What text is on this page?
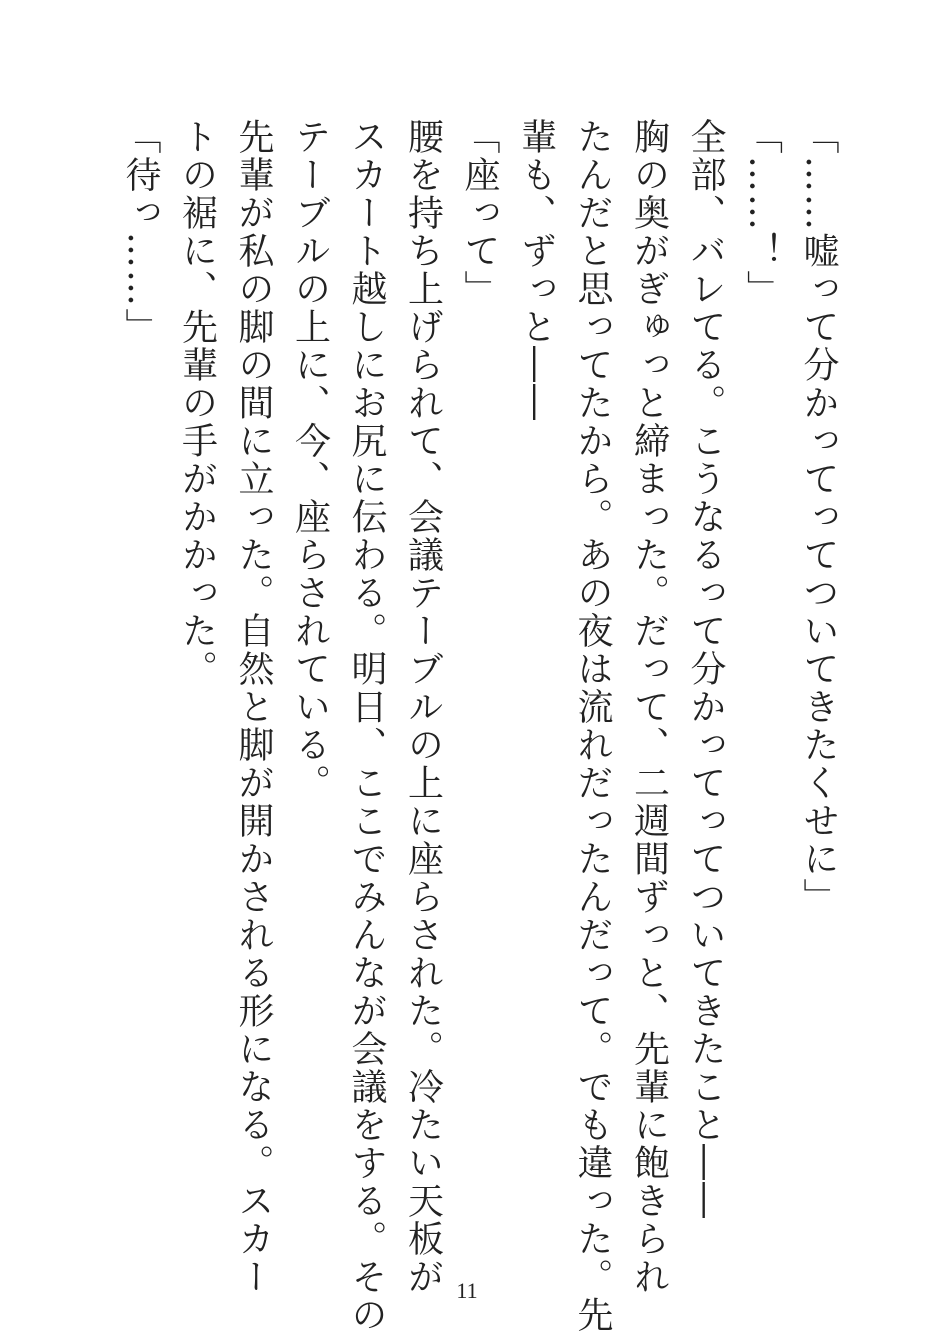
「……嘘って分かってってついてきたくせに」
「……！」
全部、バレてる。こうなるって分かってってついてきたこと――
胸の奥がぎゅっと締まった。だって、二週間ずっと、先輩に飽きられ
たんだと思ってたから。あの夜は流れだったんだって。でも違った。先
輩も、ずっと――
「座って」
腰を持ち上げられて、会議テーブルの上に座らされた。冷たい天板が
スカート越しにお尻に伝わる。明日、ここでみんなが会議をする。その
テーブルの上に、今、座らされている。
先輩が私の脚の間に立った。自然と脚が開かされる形になる。スカー
トの裾に、先輩の手がかかった。
「待っ……」
11
